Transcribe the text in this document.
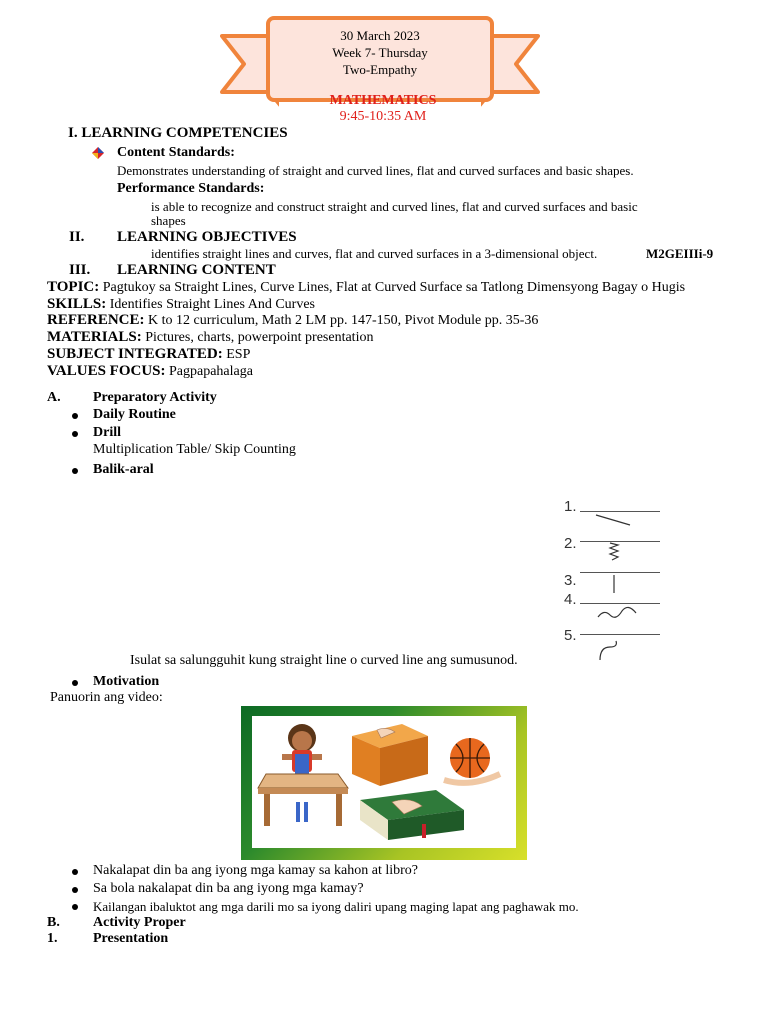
30 March 2023
Week 7- Thursday
Two-Empathy
MATHEMATICS
9:45-10:35 AM
I. LEARNING COMPETENCIES
Content Standards:
Demonstrates understanding of straight and curved lines, flat and curved surfaces and basic shapes.
Performance Standards:
is able to recognize and construct straight and curved lines, flat and curved surfaces and basic
shapes
II. LEARNING OBJECTIVES
identifies straight lines and curves, flat and curved surfaces in a 3-dimensional object.	M2GEIIIi-9
III. LEARNING CONTENT
TOPIC: Pagtukoy sa Straight Lines, Curve Lines, Flat at Curved Surface sa Tatlong Dimensyong Bagay o Hugis
SKILLS: Identifies Straight Lines And Curves
REFERENCE: K to 12 curriculum, Math 2 LM pp. 147-150, Pivot Module pp. 35-36
MATERIALS: Pictures, charts, powerpoint presentation
SUBJECT INTEGRATED: ESP
VALUES FOCUS: Pagpapahalaga
A. Preparatory Activity
Daily Routine
Drill
Multiplication Table/ Skip Counting
Balik-aral
1.
2.
3.
4.
5.
Isulat sa salungguhit kung straight line o curved line ang sumusunod.
Motivation
Panuorin ang video:
Nakalapat din ba ang iyong mga kamay sa kahon at libro?
Sa bola nakalapat din ba ang iyong mga kamay?
Kailangan ibaluktot ang mga darili mo sa iyong daliri upang maging lapat ang paghawak mo.
B. Activity Proper
1.	Presentation
